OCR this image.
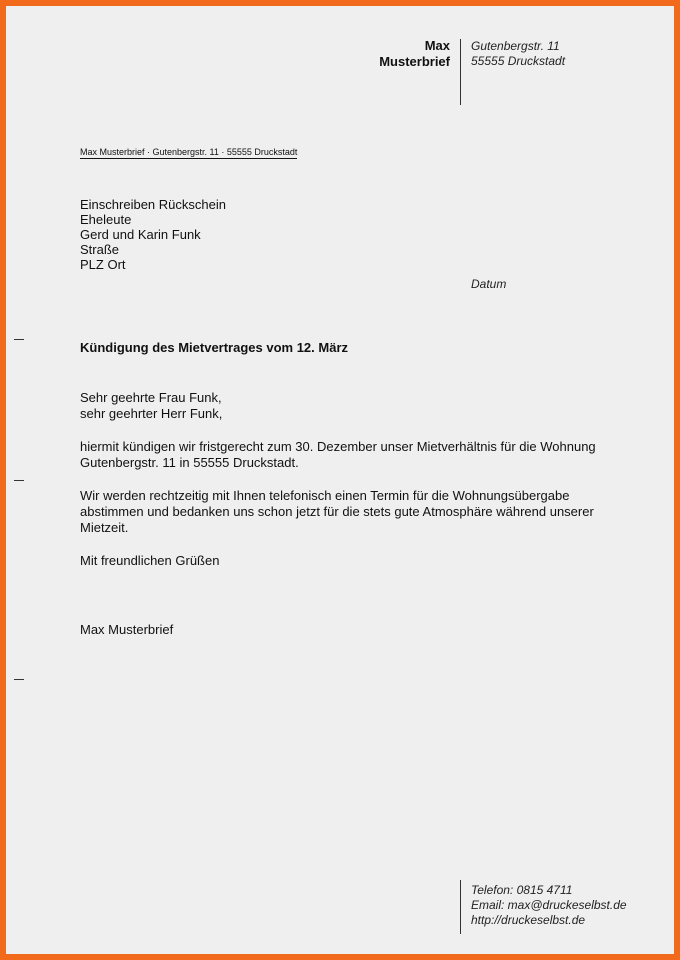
Max
Musterbrief
Gutenbergstr. 11
55555 Druckstadt
Max Musterbrief · Gutenbergstr. 11 · 55555 Druckstadt
Einschreiben Rückschein
Eheleute
Gerd und Karin Funk
Straße
PLZ Ort
Datum
Kündigung des Mietvertrages vom 12. März

Sehr geehrte Frau Funk,
sehr geehrter Herr Funk,

hiermit kündigen wir fristgerecht zum 30. Dezember unser Mietverhältnis für die Wohnung
Gutenbergstr. 11 in 55555 Druckstadt.

Wir werden rechtzeitig mit Ihnen telefonisch einen Termin für die Wohnungsübergabe
abstimmen und bedanken uns schon jetzt für die stets gute Atmosphäre während unserer
Mietzeit.

Mit freundlichen Grüßen

Max Musterbrief
Telefon: 0815 4711
Email: max@druckeselbst.de
http://druckeselbst.de
